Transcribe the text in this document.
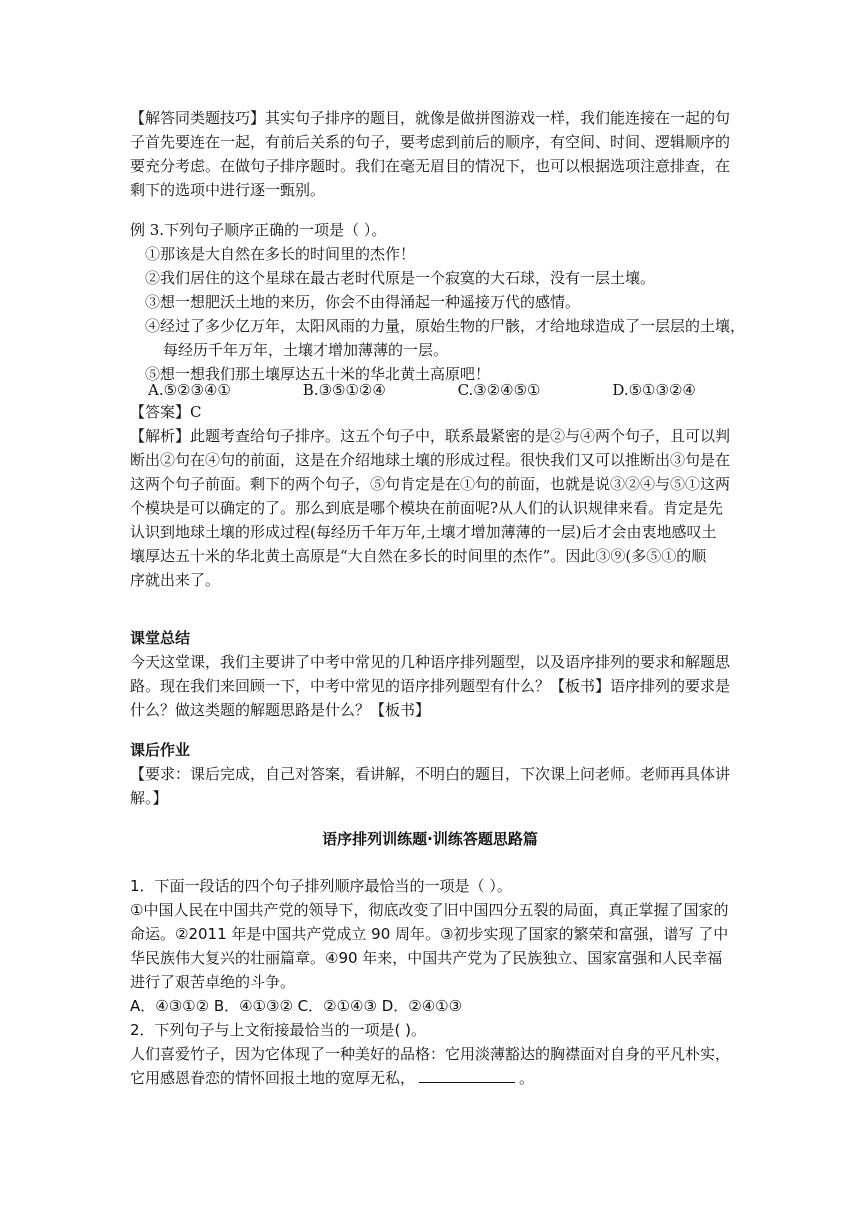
【解答同类题技巧】其实句子排序的题目，就像是做拼图游戏一样，我们能连接在一起的句
子首先要连在一起，有前后关系的句子，要考虑到前后的顺序，有空间、时间、逻辑顺序的
要充分考虑。在做句子排序题时。我们在毫无眉目的情况下，也可以根据选项注意排查，在
剩下的选项中进行逐一甄别。
例 3.下列句子顺序正确的一项是（ ）。
①那该是大自然在多长的时间里的杰作！
②我们居住的这个星球在最古老时代原是一个寂寞的大石球，没有一层土壤。
③想一想肥沃土地的来历，你会不由得涌起一种遥接万代的感情。
④经过了多少亿万年，太阳风雨的力量，原始生物的尸骸，才给地球造成了一层层的土壤，
每经历千年万年，土壤才增加薄薄的一层。
⑤想一想我们那土壤厚达五十米的华北黄土高原吧！
A.⑤②③④①	B.③⑤①②④	C.③②④⑤①	D.⑤①③②④
【答案】C
【解析】此题考查给句子排序。这五个句子中，联系最紧密的是②与④两个句子，且可以判
断出②句在④句的前面，这是在介绍地球土壤的形成过程。很快我们又可以推断出③句是在
这两个句子前面。剩下的两个句子，⑤句肯定是在①句的前面，也就是说③②④与⑤①这两
个模块是可以确定的了。那么到底是哪个模块在前面呢?从人们的认识规律来看。肯定是先
认识到地球土壤的形成过程(每经历千年万年,土壤才增加薄薄的一层)后才会由衷地感叹土
壤厚达五十米的华北黄土高原是“大自然在多长的时间里的杰作”。因此③⑨(多⑤①的顺
序就出来了。
课堂总结
今天这堂课，我们主要讲了中考中常见的几种语序排列题型，以及语序排列的要求和解题思
路。现在我们来回顾一下，中考中常见的语序排列题型有什么？【板书】语序排列的要求是
什么？做这类题的解题思路是什么？【板书】
课后作业
【要求：课后完成，自己对答案，看讲解，不明白的题目，下次课上问老师。老师再具体讲
解。】
语序排列训练题·训练答题思路篇
1．下面一段话的四个句子排列顺序最恰当的一项是（ ）。
①中国人民在中国共产党的领导下，彻底改变了旧中国四分五裂的局面，真正掌握了国家的
命运。②2011 年是中国共产党成立 90 周年。③初步实现了国家的繁荣和富强，谱写 了中
华民族伟大复兴的壮丽篇章。④90 年来，中国共产党为了民族独立、国家富强和人民幸福
进行了艰苦卓绝的斗争。
A．④③①② B．④①③② C．②①④③ D．②④①③
2．下列句子与上文衔接最恰当的一项是( )。
人们喜爱竹子，因为它体现了一种美好的品格：它用淡薄豁达的胸襟面对自身的平凡朴实，
它用感恩眷恋的情怀回报土地的宽厚无私，	。
